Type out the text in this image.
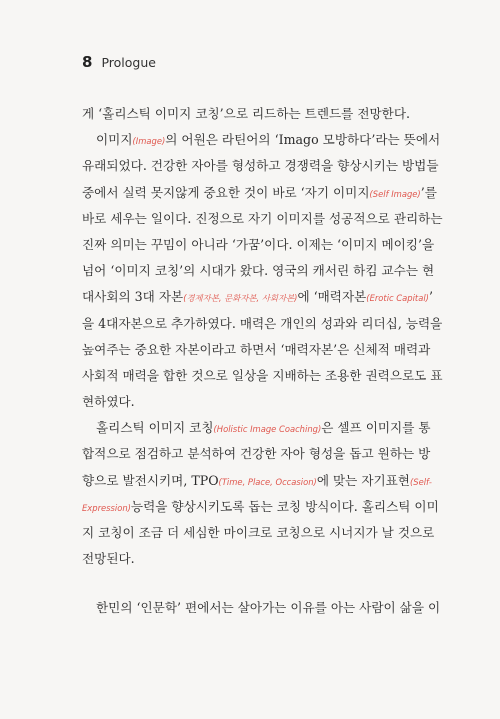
8 Prologue
게 ‘홀리스틱 이미지 코칭’으로 리드하는 트렌드를 전망한다.
이미지(Image)의 어원은 라틴어의 ‘Imago 모방하다’라는 뜻에서
유래되었다. 건강한 자아를 형성하고 경쟁력을 향상시키는 방법들
중에서 실력 못지않게 중요한 것이 바로 ‘자기 이미지(Self Image)’를
바로 세우는 일이다. 진정으로 자기 이미지를 성공적으로 관리하는
진짜 의미는 꾸밈이 아니라 ‘가꿈’이다. 이제는 ‘이미지 메이킹’을
넘어 ‘이미지 코칭’의 시대가 왔다. 영국의 캐서린 하킴 교수는 현
대사회의 3대 자본(경제자본, 문화자본, 사회자본)에 ‘매력자본(Erotic Capital)’
을 4대자본으로 추가하였다. 매력은 개인의 성과와 리더십, 능력을
높여주는 중요한 자본이라고 하면서 ‘매력자본’은 신체적 매력과
사회적 매력을 합한 것으로 일상을 지배하는 조용한 권력으로도 표
현하였다.
홀리스틱 이미지 코칭(Holistic Image Coaching)은 셀프 이미지를 통
합적으로 점검하고 분석하여 건강한 자아 형성을 돕고 원하는 방
향으로 발전시키며, TPO(Time, Place, Occasion)에 맞는 자기표현(Self-
Expression)능력을 향상시키도록 돕는 코칭 방식이다. 홀리스틱 이미
지 코칭이 조금 더 세심한 마이크로 코칭으로 시너지가 날 것으로
전망된다.
한민의 ‘인문학’ 편에서는 살아가는 이유를 아는 사람이 삶을 이
